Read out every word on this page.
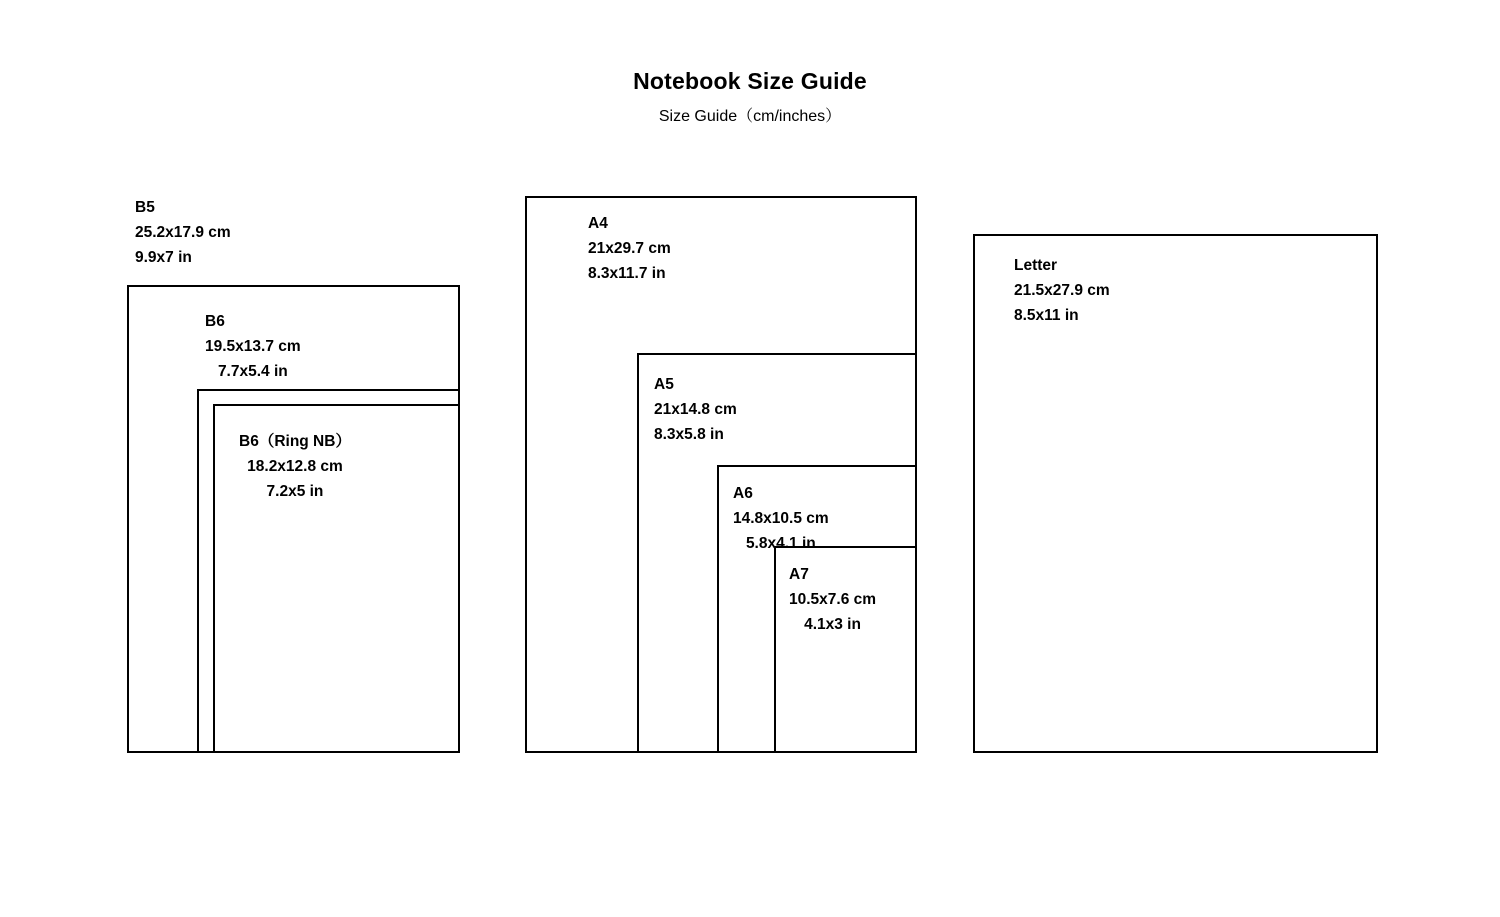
Notebook Size Guide
Size Guide（cm/inches）
B5
25.2x17.9 cm
9.9x7 in
B6
19.5x13.7 cm
7.7x5.4 in
B6（Ring NB）
18.2x12.8 cm
7.2x5 in
A4
21x29.7 cm
8.3x11.7 in
A5
21x14.8 cm
8.3x5.8 in
A6
14.8x10.5 cm
5.8x4.1 in
A7
10.5x7.6 cm
4.1x3 in
Letter
21.5x27.9 cm
8.5x11 in
